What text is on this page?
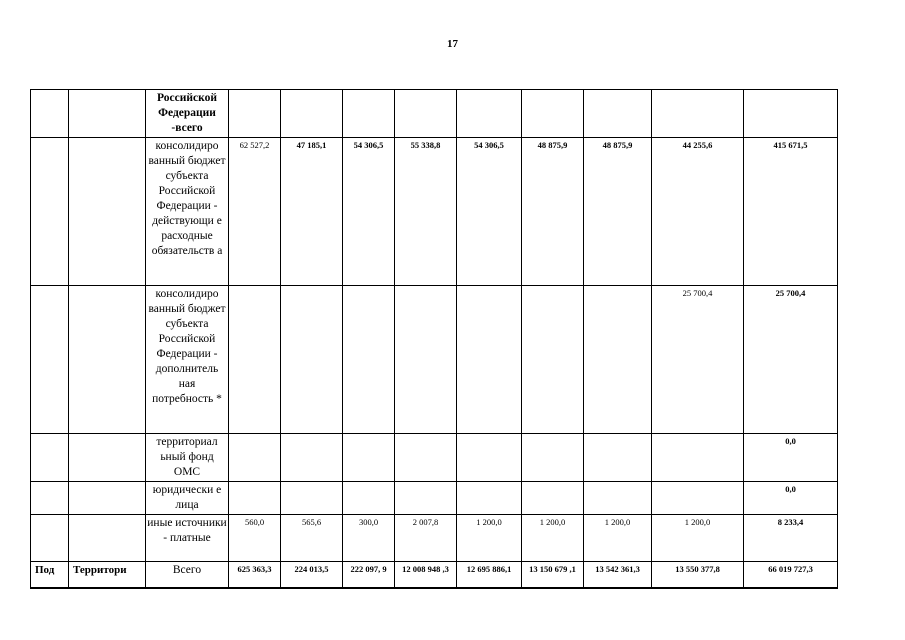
17
		Российской Федерации -всего									
		консолидиро ванный бюджет субъекта Российской Федерации - действующи е расходные обязательств а	62 527,2	47 185,1	54 306,5	55 338,8	54 306,5	48 875,9	48 875,9	44 255,6	415 671,5
		консолидиро ванный бюджет субъекта Российской Федерации - дополнитель ная потребность *								25 700,4	25 700,4
		территориал ьный фонд ОМС									0,0
		юридически е лица									0,0
		иные источники - платные	560,0	565,6	300,0	2 007,8	1 200,0	1 200,0	1 200,0	1 200,0	8 233,4
Под	Территори	Всего	625 363,3	224 013,5	222 097, 9	12 008 948 ,3	12 695 886,1	13 150 679 ,1	13 542 361,3	13 550 377,8	66 019 727,3
